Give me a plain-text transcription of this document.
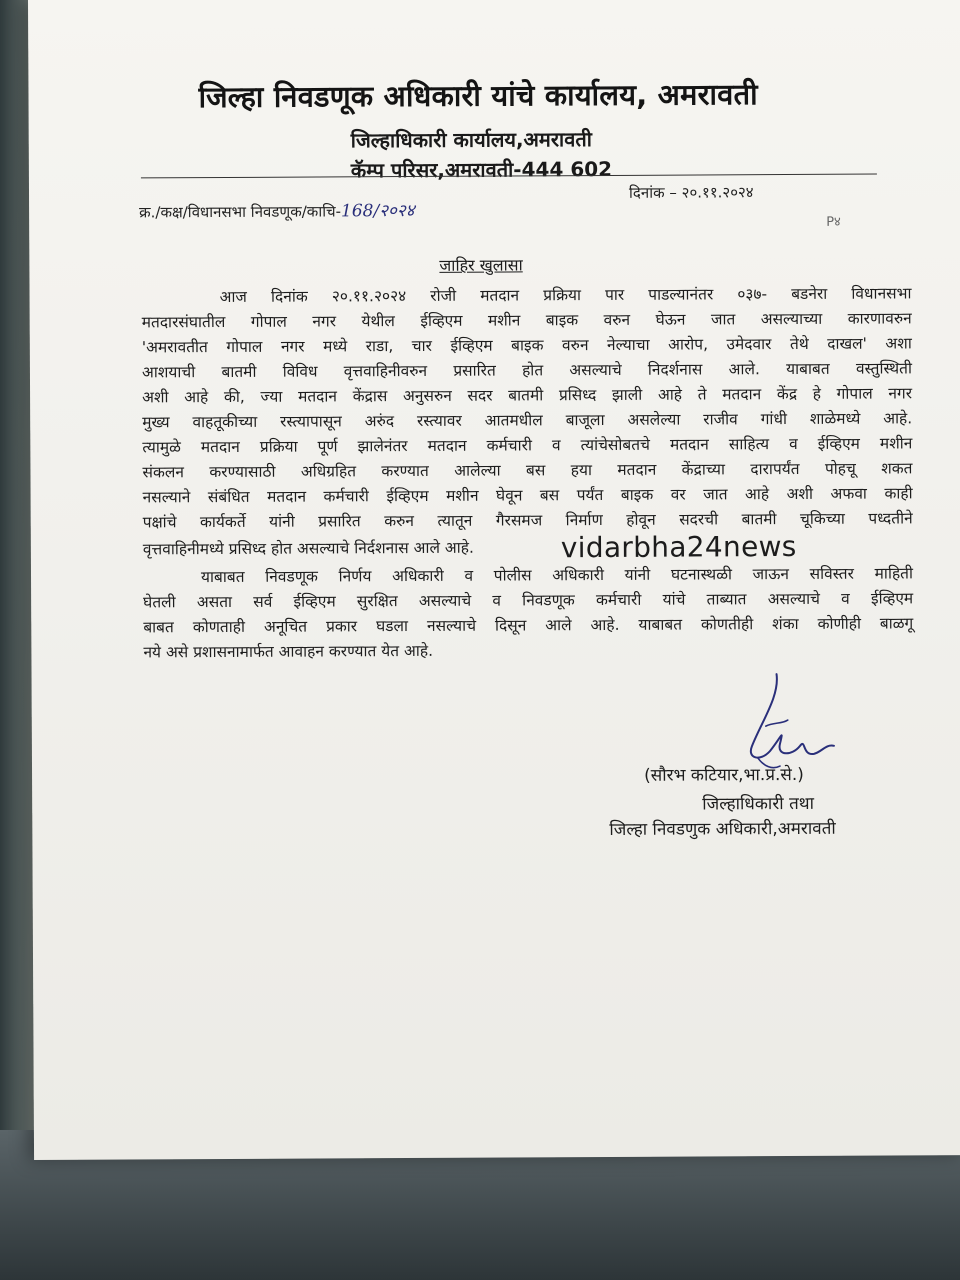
जिल्हा निवडणूक अधिकारी यांचे कार्यालय, अमरावती
जिल्हाधिकारी कार्यालय,अमरावती
कॅम्प परिसर,अमरावती-444 602
क्र./कक्ष/विधानसभा निवडणूक/काचि-168/२०२४
दिनांक – २०.११.२०२४
P४
जाहिर खुलासा
आज दिनांक २०.११.२०२४ रोजी मतदान प्रक्रिया पार पाडल्यानंतर ०३७- बडनेरा विधानसभा
मतदारसंघातील गोपाल नगर येथील ईव्हिएम मशीन बाइक वरुन घेऊन जात असल्याच्या कारणावरुन
'अमरावतीत गोपाल नगर मध्ये राडा, चार ईव्हिएम बाइक वरुन नेल्याचा आरोप, उमेदवार तेथे दाखल' अशा
आशयाची बातमी विविध वृत्तवाहिनीवरुन प्रसारित होत असल्याचे निदर्शनास आले. याबाबत वस्तुस्थिती
अशी आहे की, ज्या मतदान केंद्रास अनुसरुन सदर बातमी प्रसिध्द झाली आहे ते मतदान केंद्र हे गोपाल नगर
मुख्य वाहतूकीच्या रस्त्यापासून अरुंद रस्त्यावर आतमधील बाजूला असलेल्या राजीव गांधी शाळेमध्ये आहे.
त्यामुळे मतदान प्रक्रिया पूर्ण झालेनंतर मतदान कर्मचारी व त्यांचेसोबतचे मतदान साहित्य व ईव्हिएम मशीन
संकलन करण्यासाठी अधिग्रहित करण्यात आलेल्या बस हया मतदान केंद्राच्या दारापर्यंत पोहचू शकत
नसल्याने संबंधित मतदान कर्मचारी ईव्हिएम मशीन घेवून बस पर्यंत बाइक वर जात आहे अशी अफवा काही
पक्षांचे कार्यकर्ते यांनी प्रसारित करुन त्यातून गैरसमज निर्माण होवून सदरची बातमी चूकिच्या पध्दतीने
वृत्तवाहिनीमध्ये प्रसिध्द होत असल्याचे निर्दशनास आले आहे.
याबाबत निवडणूक निर्णय अधिकारी व पोलीस अधिकारी यांनी घटनास्थळी जाऊन सविस्तर माहिती
घेतली असता सर्व ईव्हिएम सुरक्षित असल्याचे व निवडणूक कर्मचारी यांचे ताब्यात असल्याचे व ईव्हिएम
बाबत कोणताही अनूचित प्रकार घडला नसल्याचे दिसून आले आहे. याबाबत कोणतीही शंका कोणीही बाळगू
नये असे प्रशासनामार्फत आवाहन करण्यात येत आहे.
vidarbha24news
(सौरभ कटियार,भा.प्र.से.)
जिल्हाधिकारी तथा
जिल्हा निवडणुक अधिकारी,अमरावती
